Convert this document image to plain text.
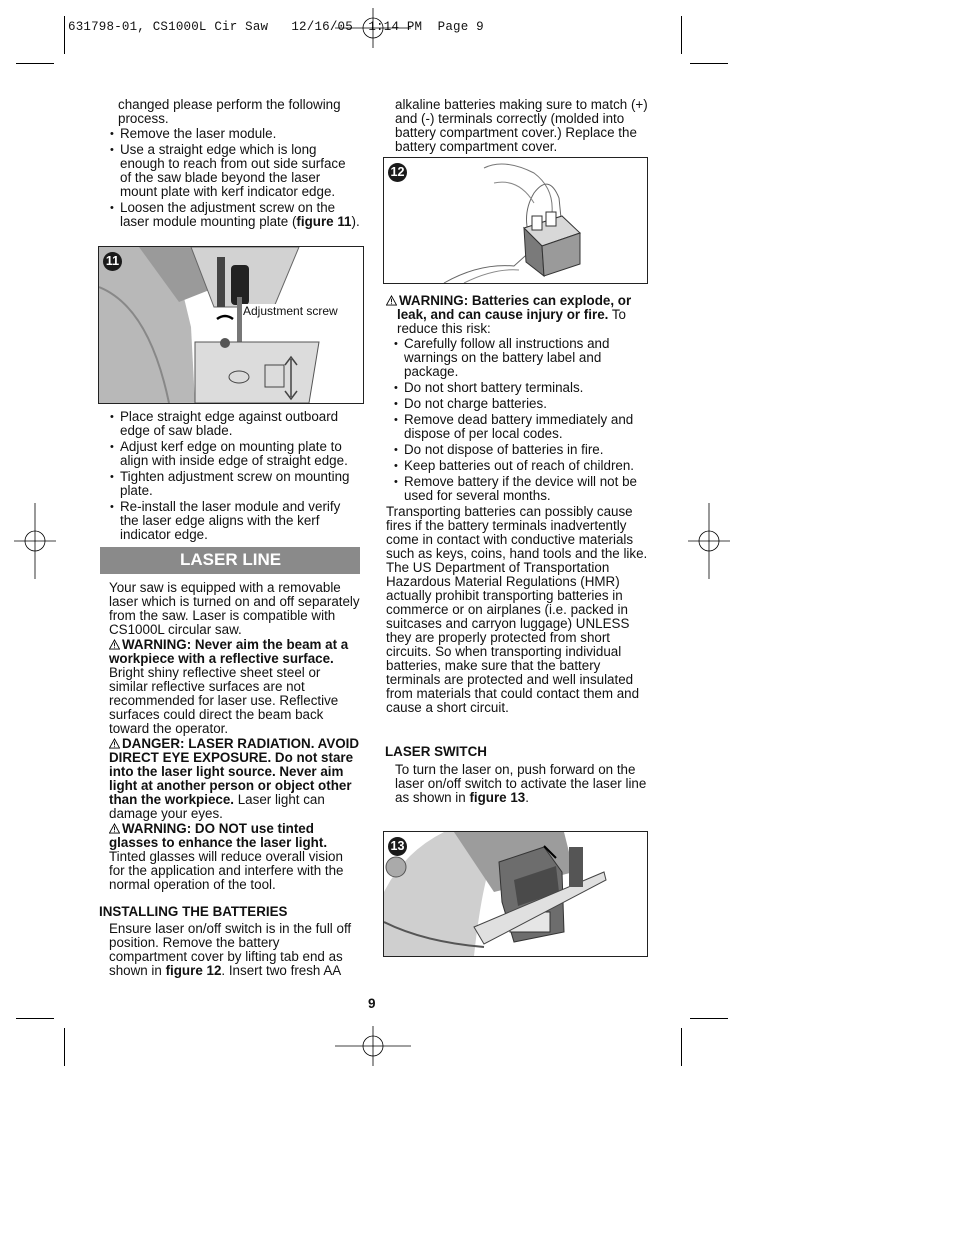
631798-01, CS1000L Cir Saw   12/16/05  1:14 PM  Page 9

changed please perform the following process.

• Remove the laser module.
• Use a straight edge which is long enough to reach from out side surface of the saw blade beyond the laser mount plate with kerf indicator edge.
• Loosen the adjustment screw on the laser module mounting plate (figure 11).
11
Adjustment screw
• Place straight edge against outboard edge of saw blade.
• Adjust kerf edge on mounting plate to align with inside edge of straight edge.
• Tighten adjustment screw on mounting plate.
• Re-install the laser module and verify the laser edge aligns with the kerf indicator edge.
LASER LINE

Your saw is equipped with a removable laser which is turned on and off separately from the saw. Laser is compatible with CS1000L circular saw.

WARNING: Never aim the beam at a workpiece with a reflective surface. Bright shiny reflective sheet steel or similar reflective surfaces are not recommended for laser use. Reflective surfaces could direct the beam back toward the operator.

DANGER: LASER RADIATION. AVOID DIRECT EYE EXPOSURE. Do not stare into the laser light source. Never aim light at another person or object other than the workpiece. Laser light can damage your eyes.

WARNING: DO NOT use tinted glasses to enhance the laser light. Tinted glasses will reduce overall vision for the application and interfere with the normal operation of the tool.

INSTALLING THE BATTERIES

Ensure laser on/off switch is in the full off position. Remove the battery compartment cover by lifting tab end as shown in figure 12. Insert two fresh AA

alkaline batteries making sure to match (+) and (-) terminals correctly (molded into battery compartment cover.) Replace the battery compartment cover.

12

WARNING: Batteries can explode, or leak, and can cause injury or fire. To reduce this risk:

• Carefully follow all instructions and warnings on the battery label and package.
• Do not short battery terminals.
• Do not charge batteries.
• Remove dead battery immediately and dispose of per local codes.
• Do not dispose of batteries in fire.
• Keep batteries out of reach of children.
• Remove battery if the device will not be used for several months.

Transporting batteries can possibly cause fires if the battery terminals inadvertently come in contact with conductive materials such as keys, coins, hand tools and the like. The US Department of Transportation Hazardous Material Regulations (HMR) actually prohibit transporting batteries in commerce or on airplanes (i.e. packed in suitcases and carryon luggage) UNLESS they are properly protected from short circuits. So when transporting individual batteries, make sure that the battery terminals are protected and well insulated from materials that could contact them and cause a short circuit.

LASER SWITCH

To turn the laser on, push forward on the laser on/off switch to activate the laser line as shown in figure 13.

13
9
